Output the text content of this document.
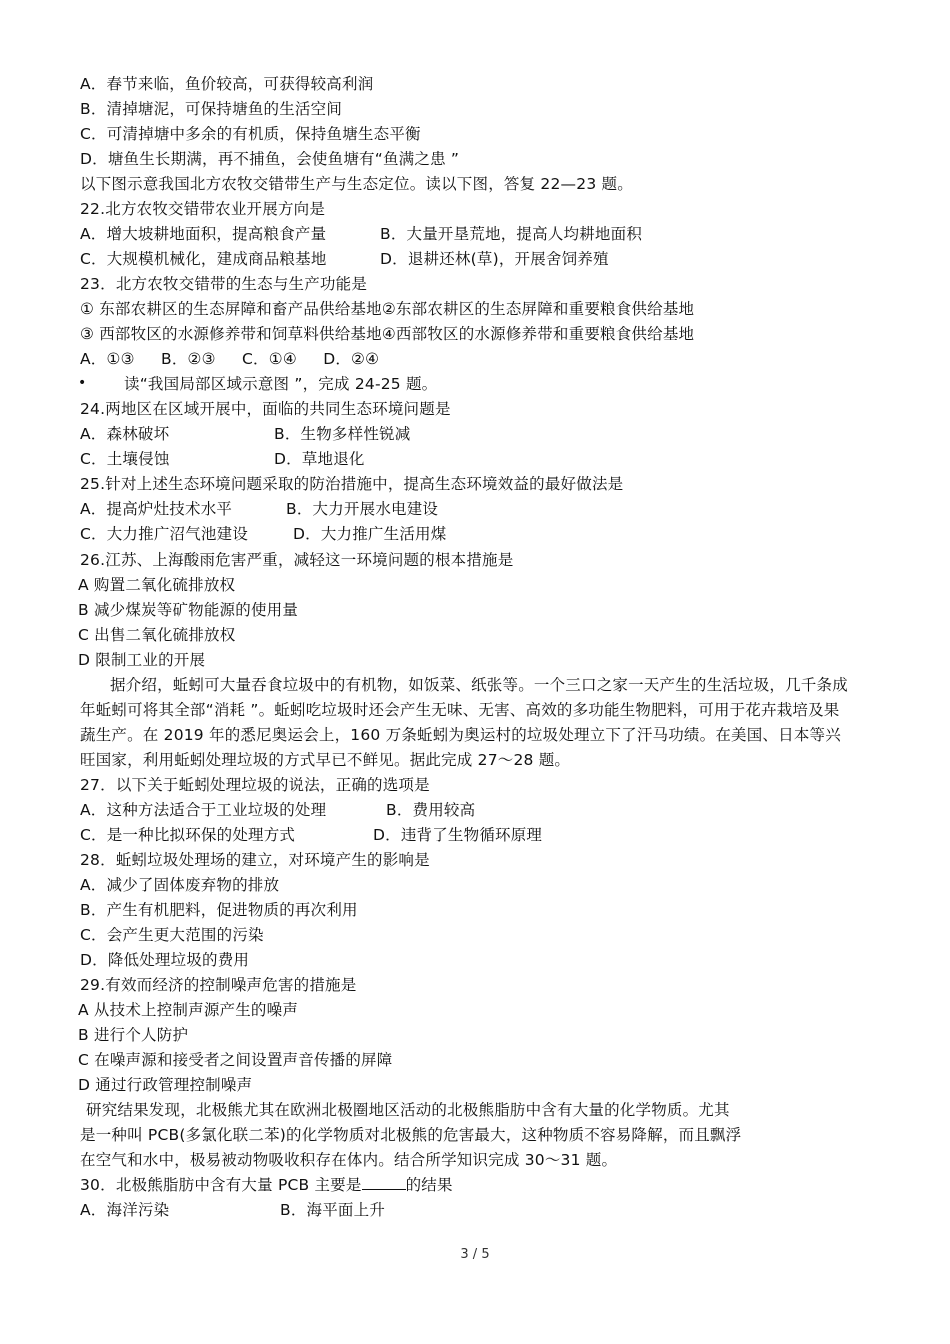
A．春节来临，鱼价较高，可获得较高利润
B．清掉塘泥，可保持塘鱼的生活空间
C．可清掉塘中多余的有机质，保持鱼塘生态平衡
D．塘鱼生长期满，再不捕鱼，会使鱼塘有“鱼满之患 ”
以下图示意我国北方农牧交错带生产与生态定位。读以下图，答复 22—23 题。
22.北方农牧交错带农业开展方向是
A．增大坡耕地面积，提高粮食产量	B．大量开垦荒地，提高人均耕地面积
C．大规模机械化，建成商品粮基地	D．退耕还林(草)，开展舍饲养殖
23．北方农牧交错带的生态与生产功能是
① 东部农耕区的生态屏障和畜产品供给基地②东部农耕区的生态屏障和重要粮食供给基地
③ 西部牧区的水源修养带和饲草料供给基地④西部牧区的水源修养带和重要粮食供给基地
A．①③ B．②③ C．①④ D．②④
• 读“我国局部区域示意图 ”，完成 24-25 题。
24.两地区在区域开展中，面临的共同生态环境问题是
A．森林破坏	B．生物多样性锐减
C．土壤侵蚀	D．草地退化
25.针对上述生态环境问题采取的防治措施中，提高生态环境效益的最好做法是
A．提高炉灶技术水平	B．大力开展水电建设
C．大力推广沼气池建设	D．大力推广生活用煤
26.江苏、上海酸雨危害严重，减轻这一环境问题的根本措施是
A 购置二氧化硫排放权
B 减少煤炭等矿物能源的使用量
C 出售二氧化硫排放权
D 限制工业的开展
据介绍，蚯蚓可大量吞食垃圾中的有机物，如饭菜、纸张等。一个三口之家一天产生的生活垃圾，几千条成
年蚯蚓可将其全部“消耗 ”。蚯蚓吃垃圾时还会产生无味、无害、高效的多功能生物肥料，可用于花卉栽培及果
蔬生产。在 2019 年的悉尼奥运会上，160 万条蚯蚓为奥运村的垃圾处理立下了汗马功绩。在美国、日本等兴
旺国家，利用蚯蚓处理垃圾的方式早已不鲜见。据此完成 27～28 题。
27．以下关于蚯蚓处理垃圾的说法，正确的选项是
A．这种方法适合于工业垃圾的处理	B．费用较高
C．是一种比拟环保的处理方式	D．违背了生物循环原理
28．蚯蚓垃圾处理场的建立，对环境产生的影响是
A．减少了固体废弃物的排放
B．产生有机肥料，促进物质的再次利用
C．会产生更大范围的污染
D．降低处理垃圾的费用
29.有效而经济的控制噪声危害的措施是
A 从技术上控制声源产生的噪声
B 进行个人防护
C 在噪声源和接受者之间设置声音传播的屏障
D 通过行政管理控制噪声
研究结果发现，北极熊尤其在欧洲北极圈地区活动的北极熊脂肪中含有大量的化学物质。尤其
是一种叫 PCB(多氯化联二苯)的化学物质对北极熊的危害最大，这种物质不容易降解，而且飘浮
在空气和水中，极易被动物吸收积存在体内。结合所学知识完成 30～31 题。
30．北极熊脂肪中含有大量 PCB 主要是	的结果
A．海洋污染	B．海平面上升
3 / 5
